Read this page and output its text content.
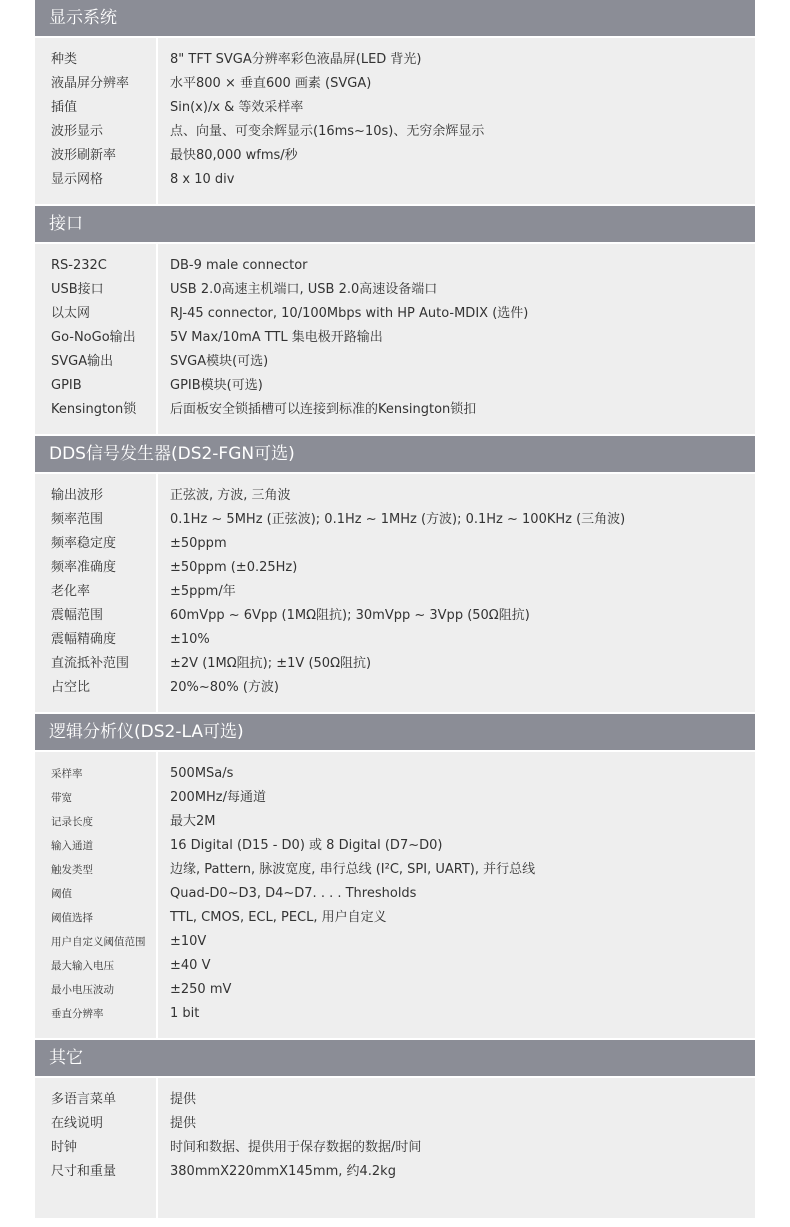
显示系统
种类
液晶屏分辨率
插值
波形显示
波形刷新率
显示网格
8" TFT SVGA分辨率彩色液晶屏(LED 背光)
水平800 × 垂直600 画素 (SVGA)
Sin(x)/x & 等效采样率
点、向量、可变余辉显示(16ms~10s)、无穷余辉显示
最快80,000 wfms/秒
8 x 10 div
接口
RS-232C
USB接口
以太网
Go-NoGo输出
SVGA输出
GPIB
Kensington锁
DB-9 male connector
USB 2.0高速主机端口, USB 2.0高速设备端口
RJ-45 connector, 10/100Mbps with HP Auto-MDIX (选件)
5V Max/10mA TTL 集电极开路输出
SVGA模块(可选)
GPIB模块(可选)
后面板安全锁插槽可以连接到标准的Kensington锁扣
DDS信号发生器(DS2-FGN可选)
输出波形
频率范围
频率稳定度
频率准确度
老化率
震幅范围
震幅精确度
直流抵补范围
占空比
正弦波, 方波, 三角波
0.1Hz ~ 5MHz (正弦波); 0.1Hz ~ 1MHz (方波); 0.1Hz ~ 100KHz (三角波)
±50ppm
±50ppm (±0.25Hz)
±5ppm/年
60mVpp ~ 6Vpp (1MΩ阻抗); 30mVpp ~ 3Vpp (50Ω阻抗)
±10%
±2V (1MΩ阻抗); ±1V (50Ω阻抗)
20%~80% (方波)
逻辑分析仪(DS2-LA可选)
采样率
带宽
记录长度
输入通道
触发类型
阈值
阈值选择
用户自定义阈值范围
最大输入电压
最小电压波动
垂直分辨率
500MSa/s
200MHz/每通道
最大2M
16 Digital (D15 - D0) 或 8 Digital (D7~D0)
边缘, Pattern, 脉波宽度, 串行总线 (I²C, SPI, UART), 并行总线
Quad-D0~D3, D4~D7. . . . Thresholds
TTL, CMOS, ECL, PECL, 用户自定义
±10V
±40 V
±250 mV
1 bit
其它
多语言菜单
在线说明
时钟
尺寸和重量
提供
提供
时间和数据、提供用于保存数据的数据/时间
380mmX220mmX145mm, 约4.2kg
